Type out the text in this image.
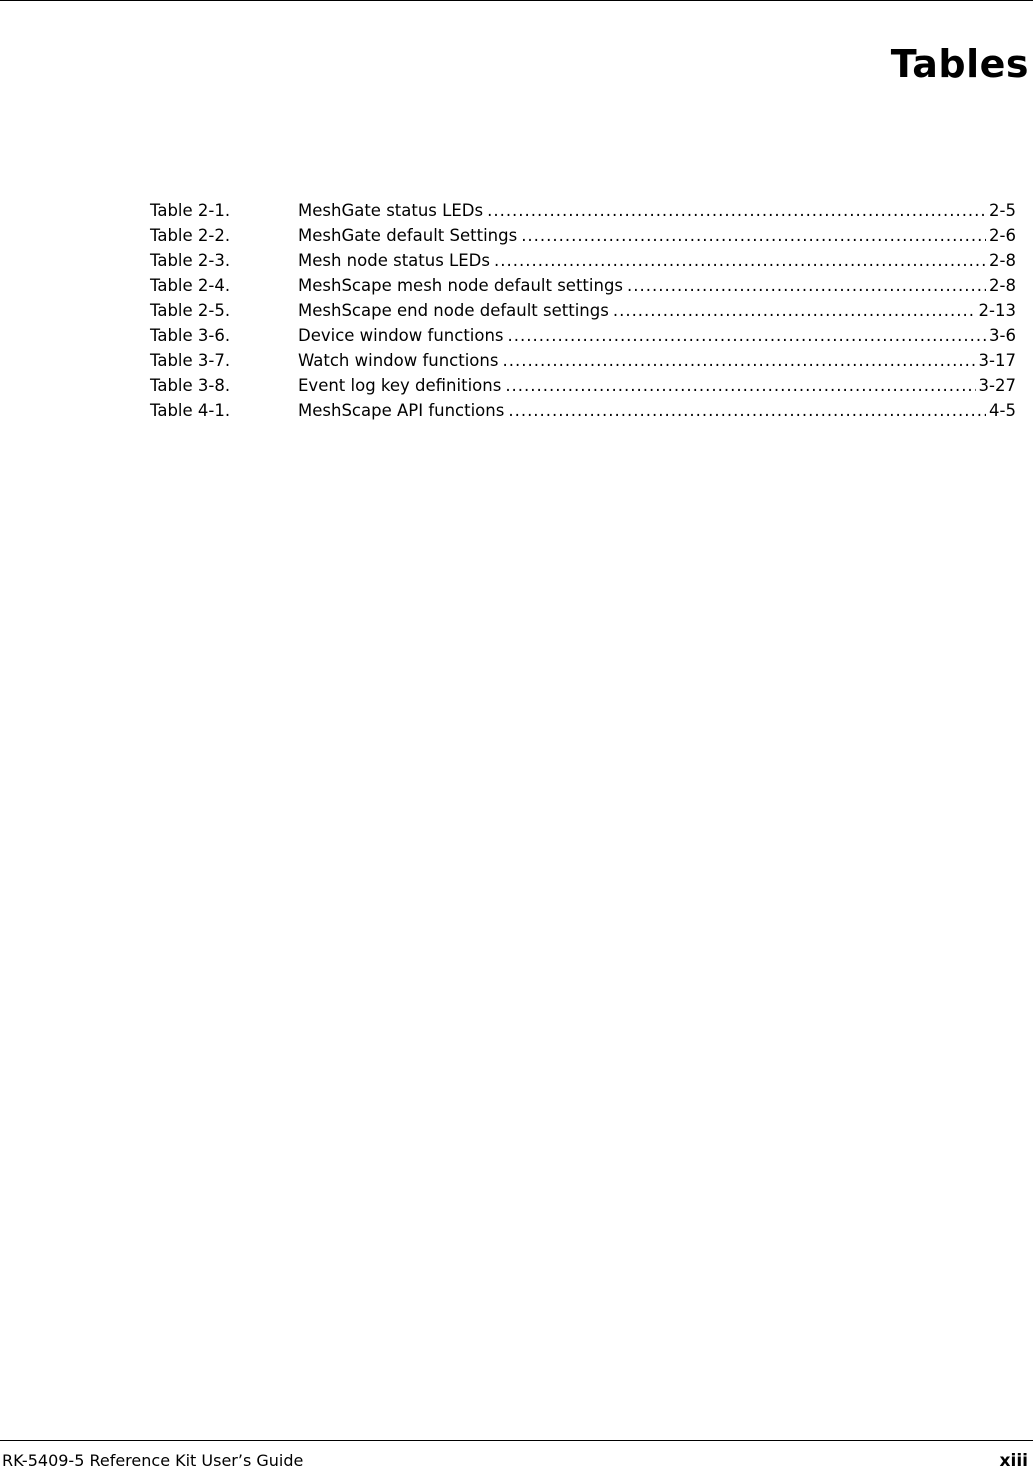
Tables
Table 2-1.	MeshGate status LEDs .....	2-5
Table 2-2.	MeshGate default Settings .....	2-6
Table 2-3.	Mesh node status LEDs .....	2-8
Table 2-4.	MeshScape mesh node default settings .....	2-8
Table 2-5.	MeshScape end node default settings .....	2-13
Table 3-6.	Device window functions .....	3-6
Table 3-7.	Watch window functions .....	3-17
Table 3-8.	Event log key definitions .....	3-27
Table 4-1.	MeshScape API functions .....	4-5
RK-5409-5 Reference Kit User’s Guide	xiii
